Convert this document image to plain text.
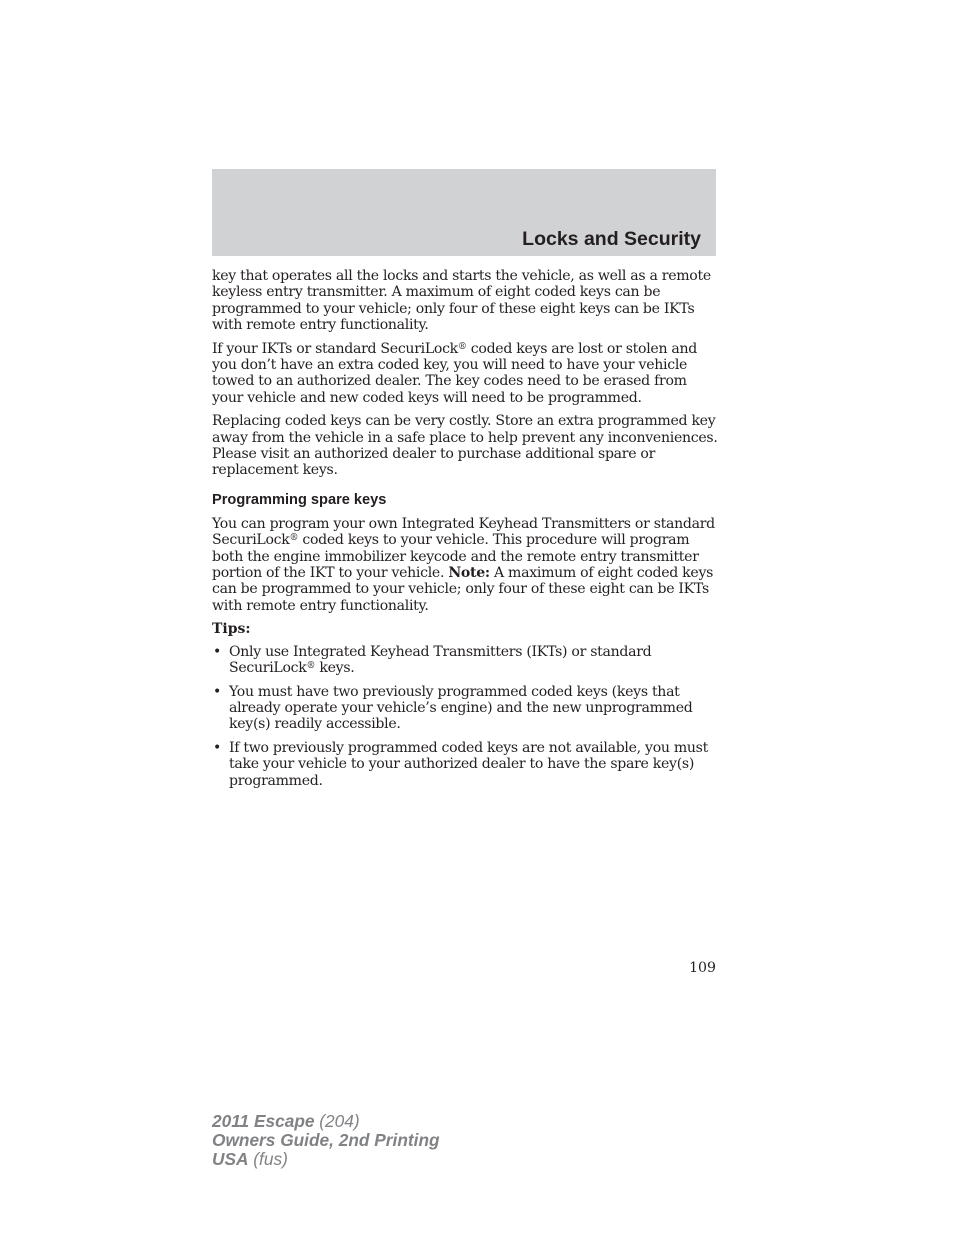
Locks and Security

key that operates all the locks and starts the vehicle, as well as a remote keyless entry transmitter. A maximum of eight coded keys can be programmed to your vehicle; only four of these eight keys can be IKTs with remote entry functionality.

If your IKTs or standard SecuriLock® coded keys are lost or stolen and you don’t have an extra coded key, you will need to have your vehicle towed to an authorized dealer. The key codes need to be erased from your vehicle and new coded keys will need to be programmed.

Replacing coded keys can be very costly. Store an extra programmed key away from the vehicle in a safe place to help prevent any inconveniences. Please visit an authorized dealer to purchase additional spare or replacement keys.

Programming spare keys

You can program your own Integrated Keyhead Transmitters or standard SecuriLock® coded keys to your vehicle. This procedure will program both the engine immobilizer keycode and the remote entry transmitter portion of the IKT to your vehicle. Note: A maximum of eight coded keys can be programmed to your vehicle; only four of these eight can be IKTs with remote entry functionality.

Tips:
• Only use Integrated Keyhead Transmitters (IKTs) or standard SecuriLock® keys.
• You must have two previously programmed coded keys (keys that already operate your vehicle’s engine) and the new unprogrammed key(s) readily accessible.
• If two previously programmed coded keys are not available, you must take your vehicle to your authorized dealer to have the spare key(s) programmed.
109
2011 Escape (204)
Owners Guide, 2nd Printing
USA (fus)
